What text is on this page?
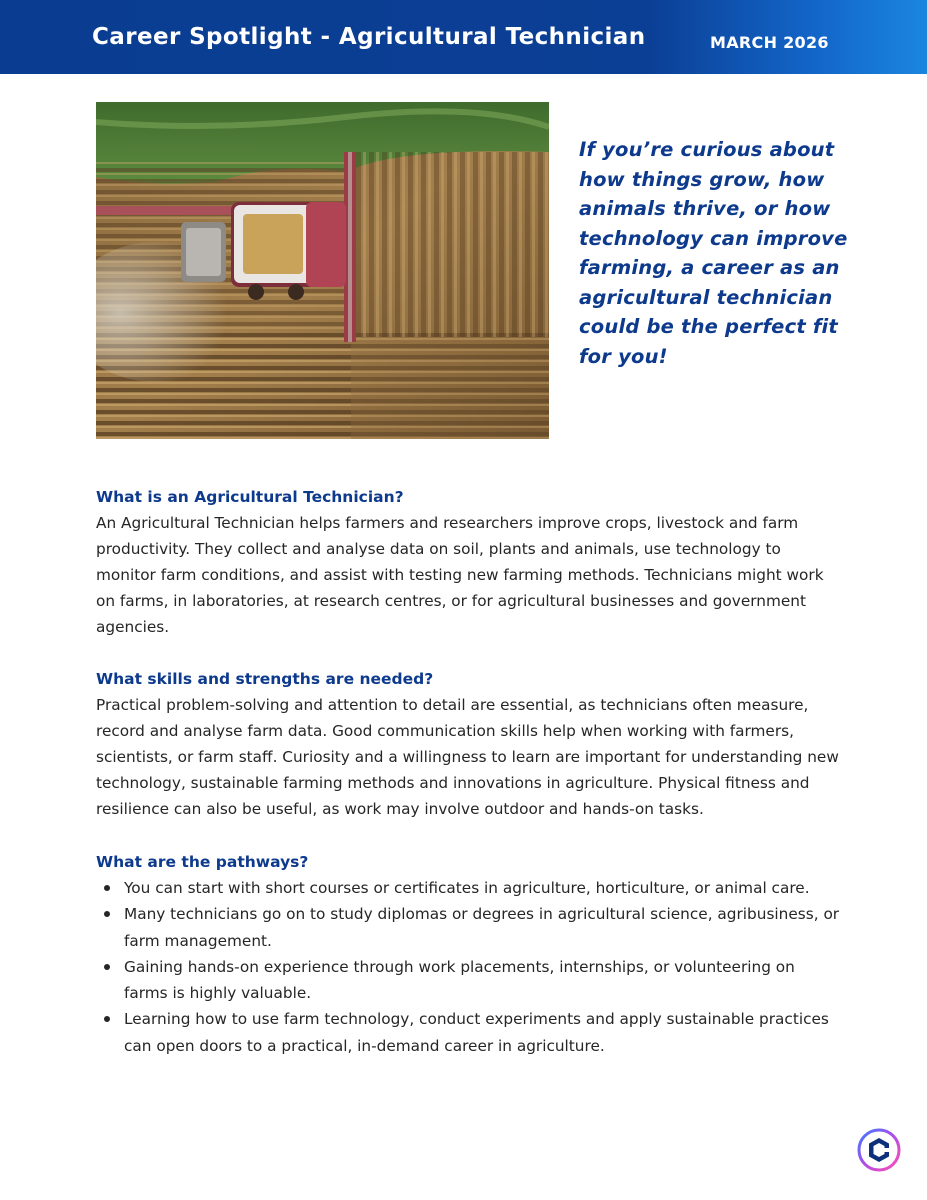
Career Spotlight - Agricultural Technician	MARCH 2026
If you’re curious about how things grow, how animals thrive, or how technology can improve farming, a career as an agricultural technician could be the perfect fit for you!
What is an Agricultural Technician?

An Agricultural Technician helps farmers and researchers improve crops, livestock and farm productivity. They collect and analyse data on soil, plants and animals, use technology to monitor farm conditions, and assist with testing new farming methods. Technicians might work on farms, in laboratories, at research centres, or for agricultural businesses and government agencies.

What skills and strengths are needed?

Practical problem-solving and attention to detail are essential, as technicians often measure, record and analyse farm data. Good communication skills help when working with farmers, scientists, or farm staff. Curiosity and a willingness to learn are important for understanding new technology, sustainable farming methods and innovations in agriculture. Physical fitness and resilience can also be useful, as work may involve outdoor and hands-on tasks.

What are the pathways?
You can start with short courses or certificates in agriculture, horticulture, or animal care.
Many technicians go on to study diplomas or degrees in agricultural science, agribusiness, or farm management.
Gaining hands-on experience through work placements, internships, or volunteering on farms is highly valuable.
Learning how to use farm technology, conduct experiments and apply sustainable practices can open doors to a practical, in-demand career in agriculture.
